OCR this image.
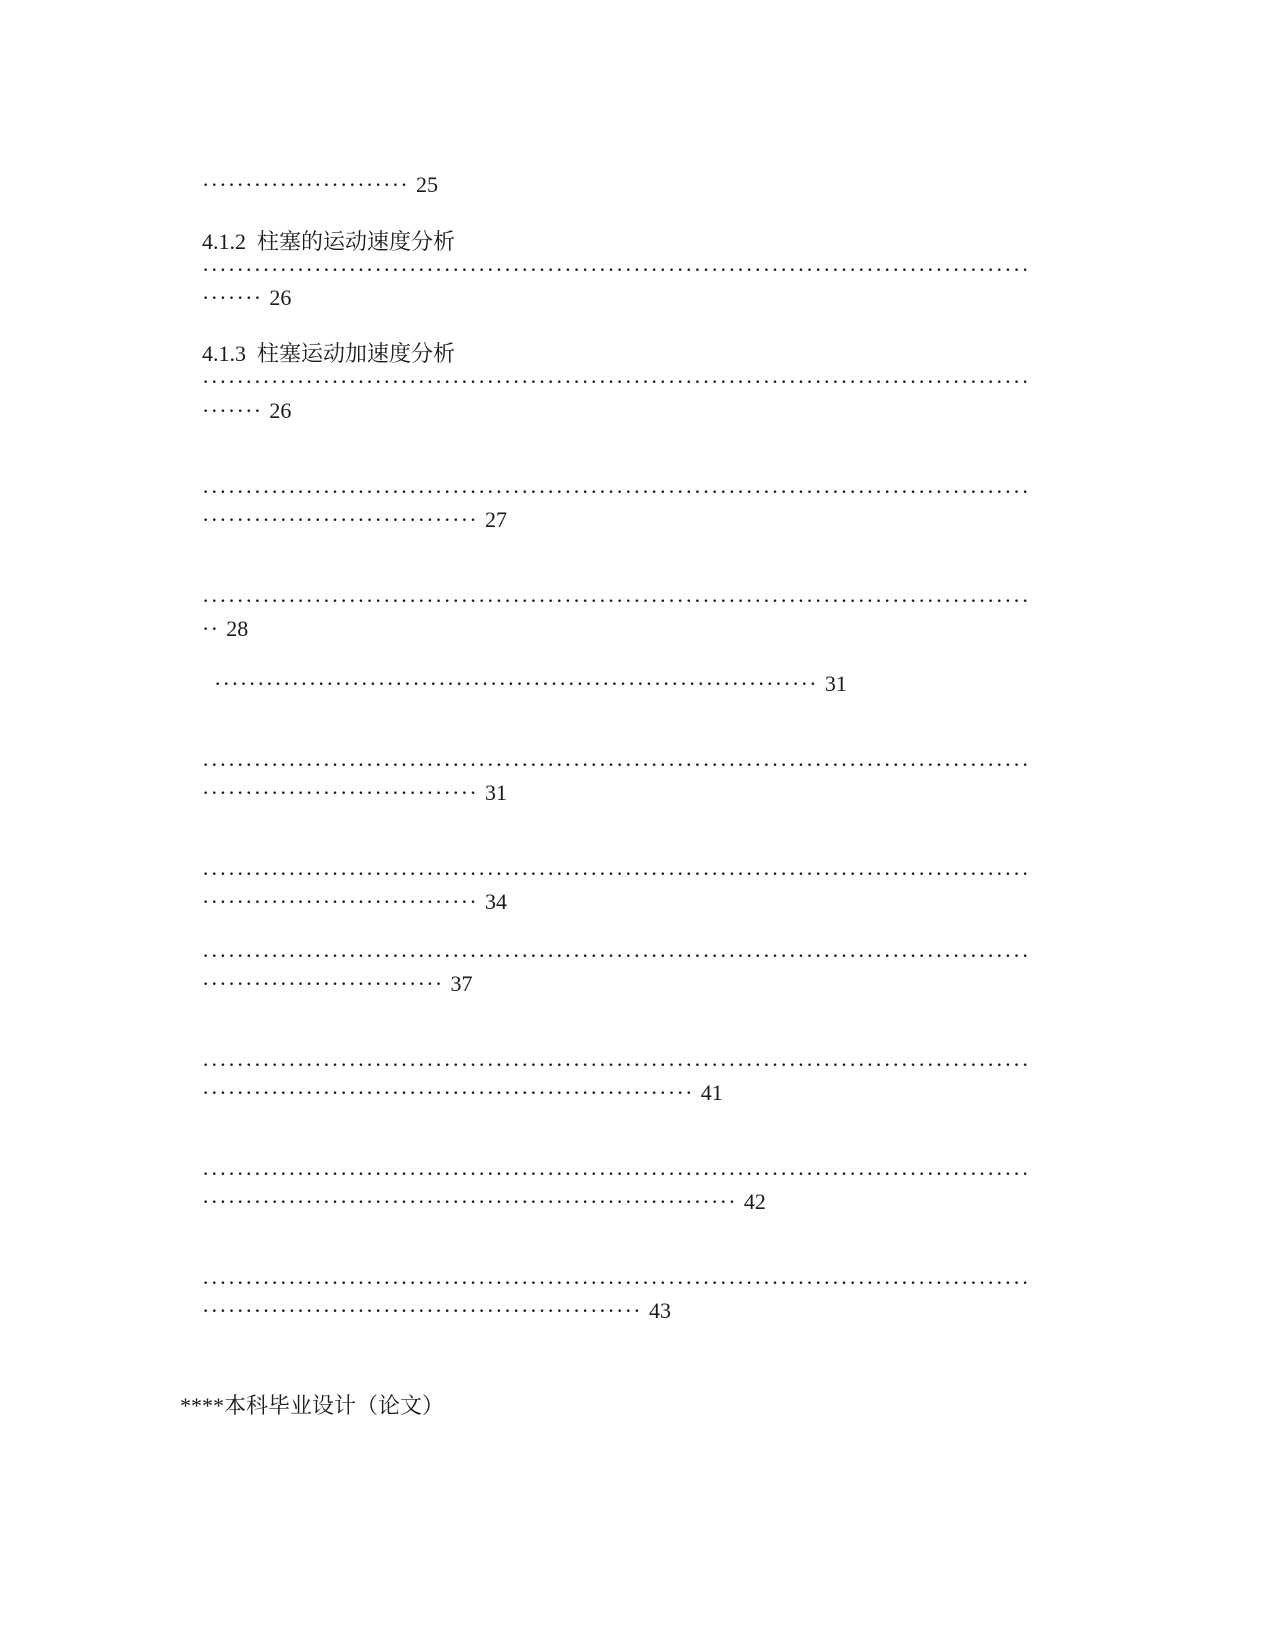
························ 25

4.1.2 柱塞的运动速度分析

································································································

······· 26

4.1.3 柱塞运动加速度分析

································································································

······· 26

································································································

································ 27

································································································

·· 28

······································································ 31

································································································

································ 31

································································································

································ 34

································································································

···························· 37

································································································

························································· 41

································································································

······························································ 42

································································································

··················································· 43

****本科毕业设计（论文）
